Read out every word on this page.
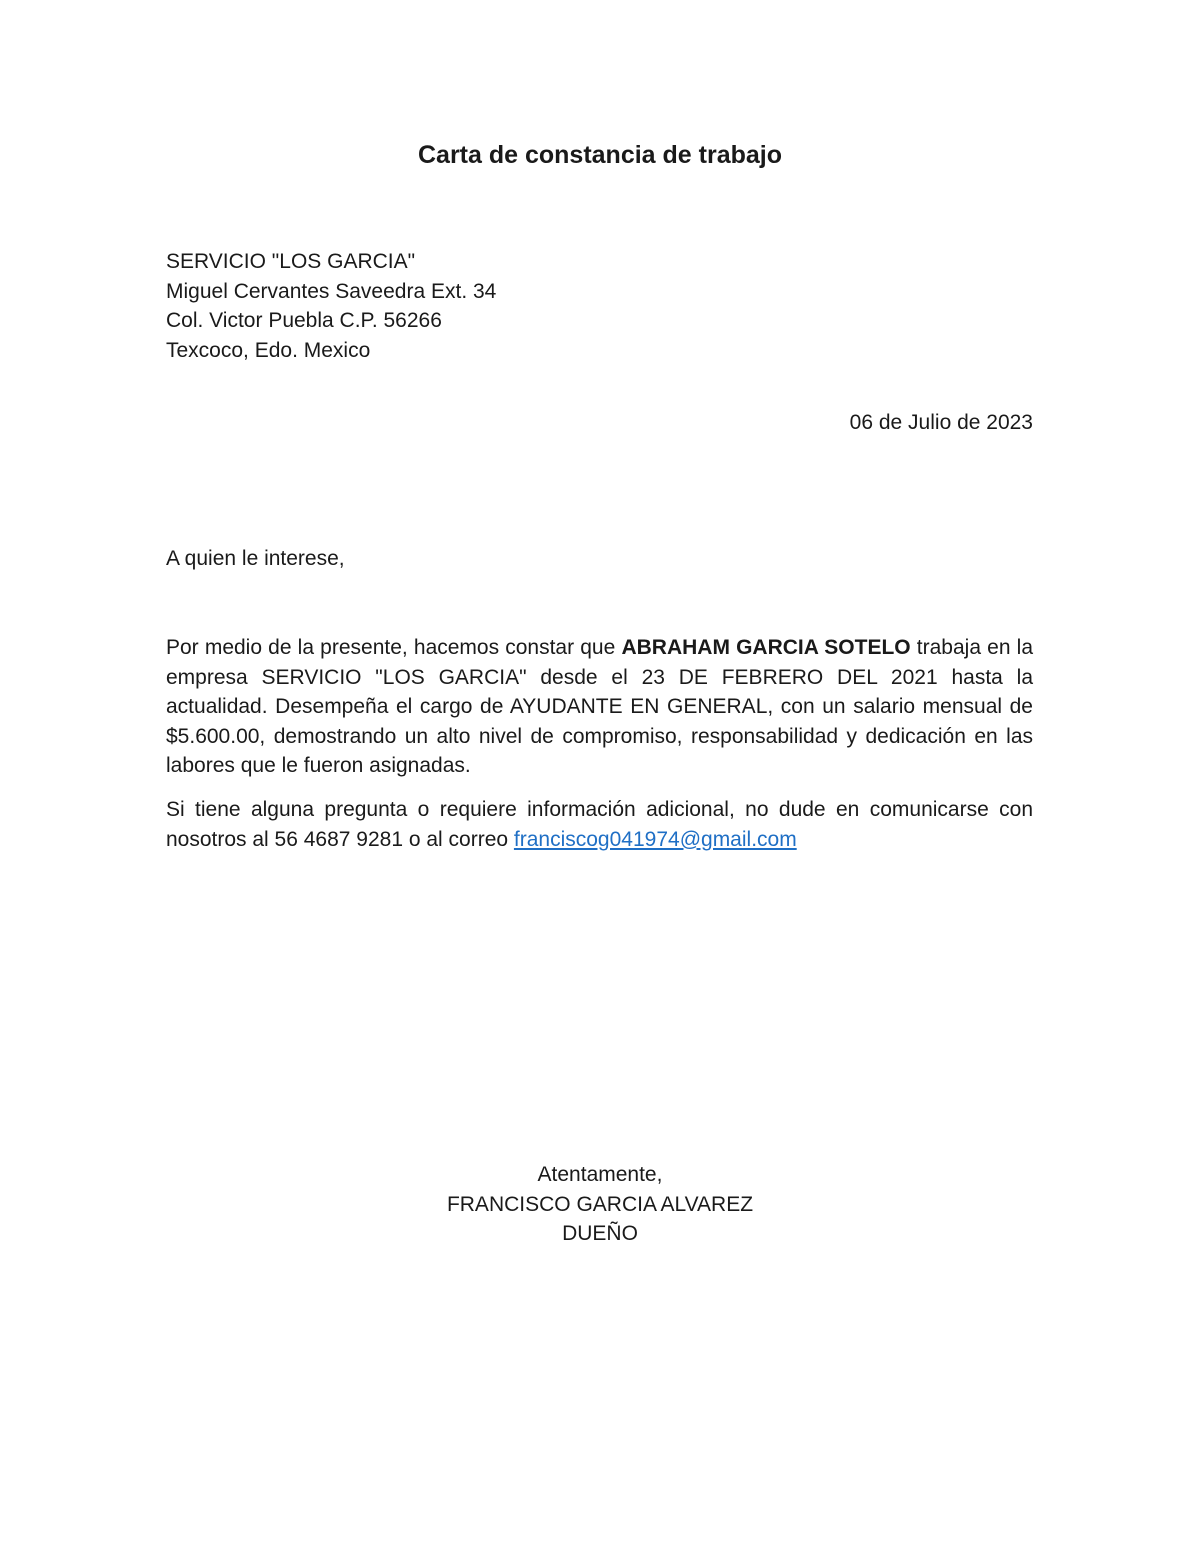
Carta de constancia de trabajo
SERVICIO "LOS GARCIA"
Miguel Cervantes Saveedra Ext. 34
Col. Victor Puebla C.P. 56266
Texcoco, Edo. Mexico
06 de Julio de 2023
A quien le interese,

Por medio de la presente, hacemos constar que ABRAHAM GARCIA SOTELO trabaja en la empresa SERVICIO "LOS GARCIA" desde el 23 DE FEBRERO DEL 2021 hasta la actualidad. Desempeña el cargo de AYUDANTE EN GENERAL, con un salario mensual de $5.600.00, demostrando un alto nivel de compromiso, responsabilidad y dedicación en las labores que le fueron asignadas.

Si tiene alguna pregunta o requiere información adicional, no dude en comunicarse con nosotros al 56 4687 9281 o al correo franciscog041974@gmail.com

Atentamente,
FRANCISCO GARCIA ALVAREZ
DUEÑO
